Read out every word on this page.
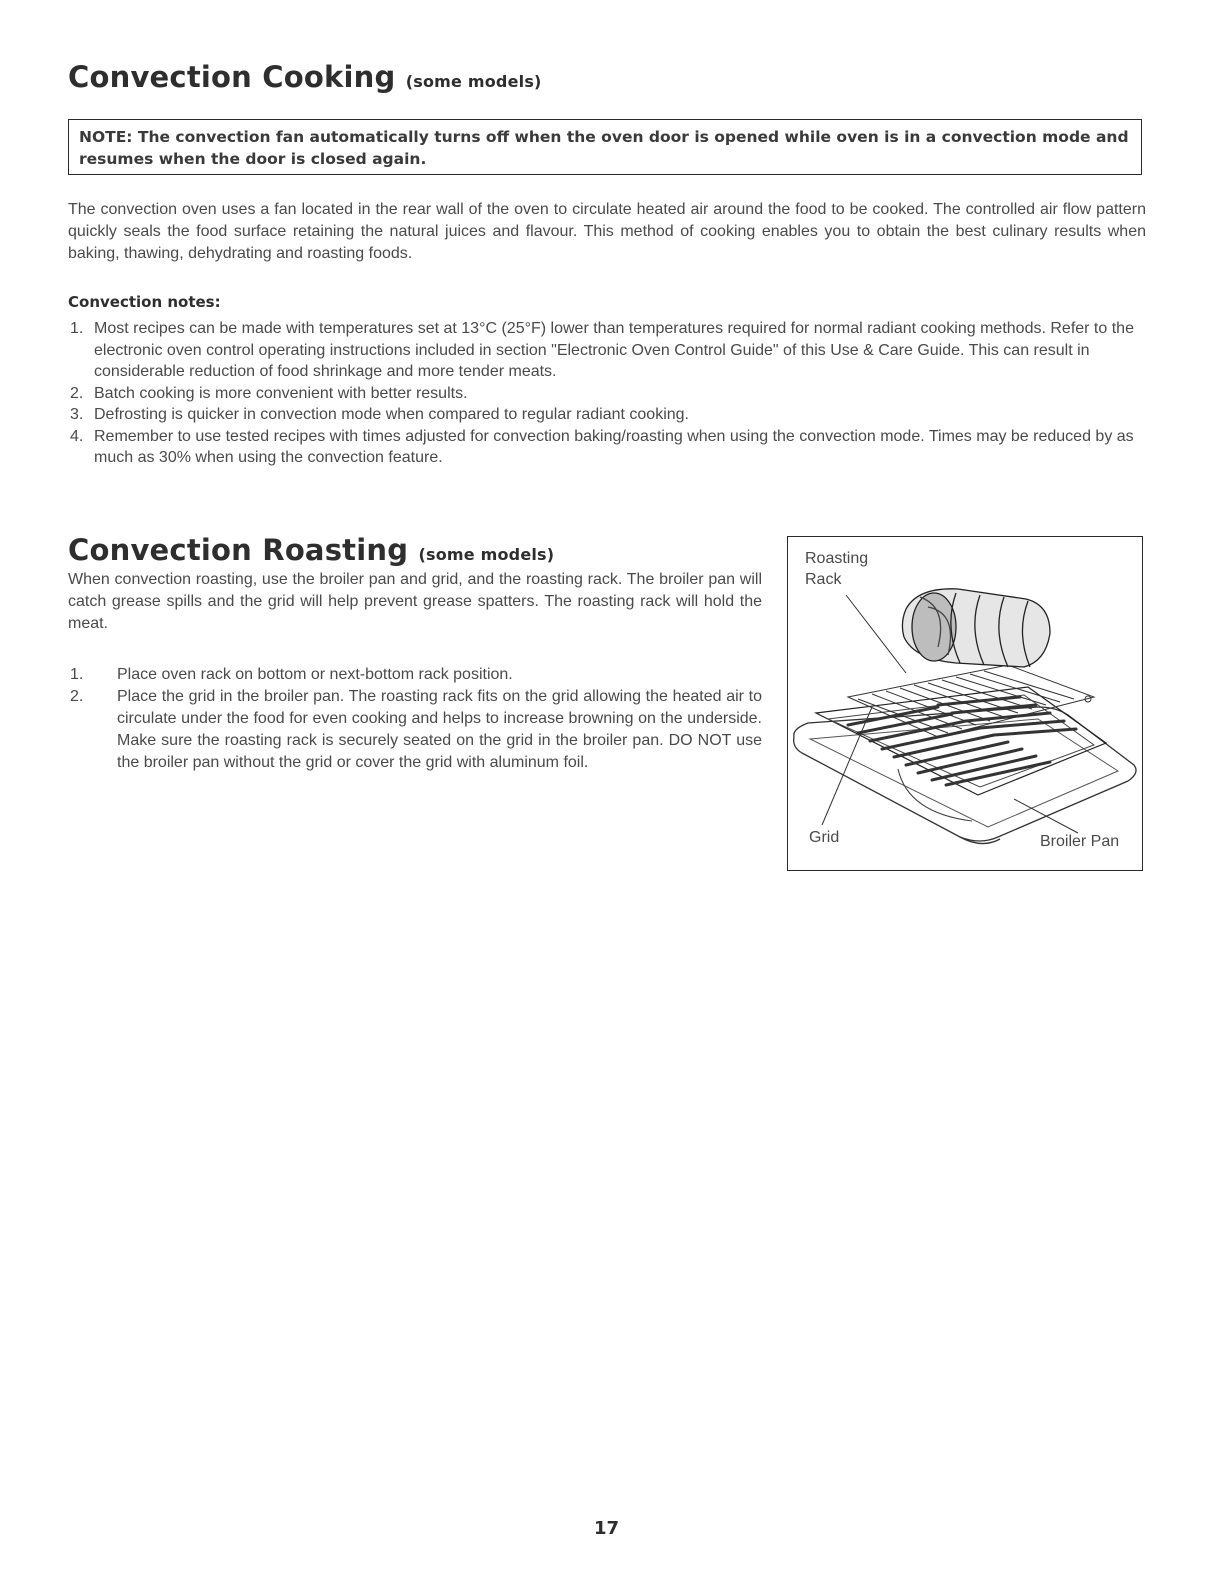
Convection Cooking (some models)
NOTE: The convection fan automatically turns off when the oven door is opened while oven is in a convection mode and resumes when the door is closed again.
The convection oven uses a fan located in the rear wall of the oven to circulate heated air around the food to be cooked. The controlled air flow pattern quickly seals the food surface retaining the natural juices and flavour. This method of cooking enables you to obtain the best culinary results when baking, thawing, dehydrating and roasting foods.
Convection notes:
1. Most recipes can be made with temperatures set at 13°C (25°F) lower than temperatures required for normal radiant cooking methods. Refer to the electronic oven control operating instructions included in section "Electronic Oven Control Guide" of this Use & Care Guide. This can result in considerable reduction of food shrinkage and more tender meats.
2. Batch cooking is more convenient with better results.
3. Defrosting is quicker in convection mode when compared to regular radiant cooking.
4. Remember to use tested recipes with times adjusted for convection baking/roasting when using the convection mode. Times may be reduced by as much as 30% when using the convection feature.
Convection Roasting (some models)
When convection roasting, use the broiler pan and grid, and the roasting rack. The broiler pan will catch grease spills and the grid will help prevent grease spatters. The roasting rack will hold the meat.
1. Place oven rack on bottom or next-bottom rack position.
2. Place the grid in the broiler pan. The roasting rack fits on the grid allowing the heated air to circulate under the food for even cooking and helps to increase browning on the underside. Make sure the roasting rack is securely seated on the grid in the broiler pan. DO NOT use the broiler pan without the grid or cover the grid with aluminum foil.
Roasting
Rack
Grid	Broiler Pan
17
